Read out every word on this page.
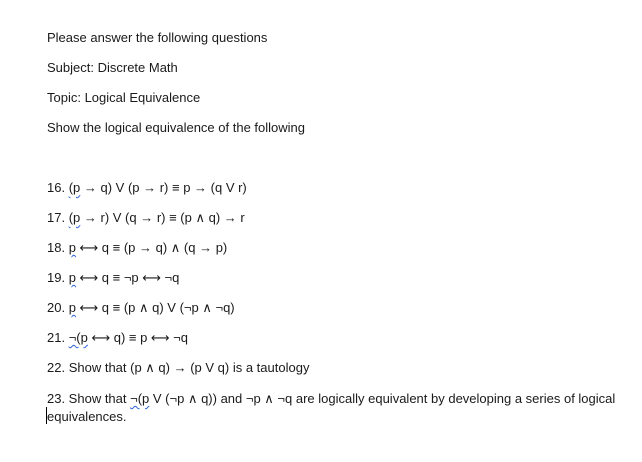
Please answer the following questions
Subject: Discrete Math
Topic: Logical Equivalence
Show the logical equivalence of the following
16. (p → q) V (p → r) ≡ p → (q V r)
17. (p → r) V (q → r) ≡ (p ∧ q) → r
18. p ⟷ q ≡ (p → q) ∧ (q → p)
19. p ⟷ q ≡ ¬p ⟷ ¬q
20. p ⟷ q ≡ (p ∧ q) V (¬p ∧ ¬q)
21. ¬(p ⟷ q) ≡ p ⟷ ¬q
22. Show that (p ∧ q) → (p V q) is a tautology
23. Show that ¬(p V (¬p ∧ q)) and ¬p ∧ ¬q are logically equivalent by developing a series of logical equivalences.
